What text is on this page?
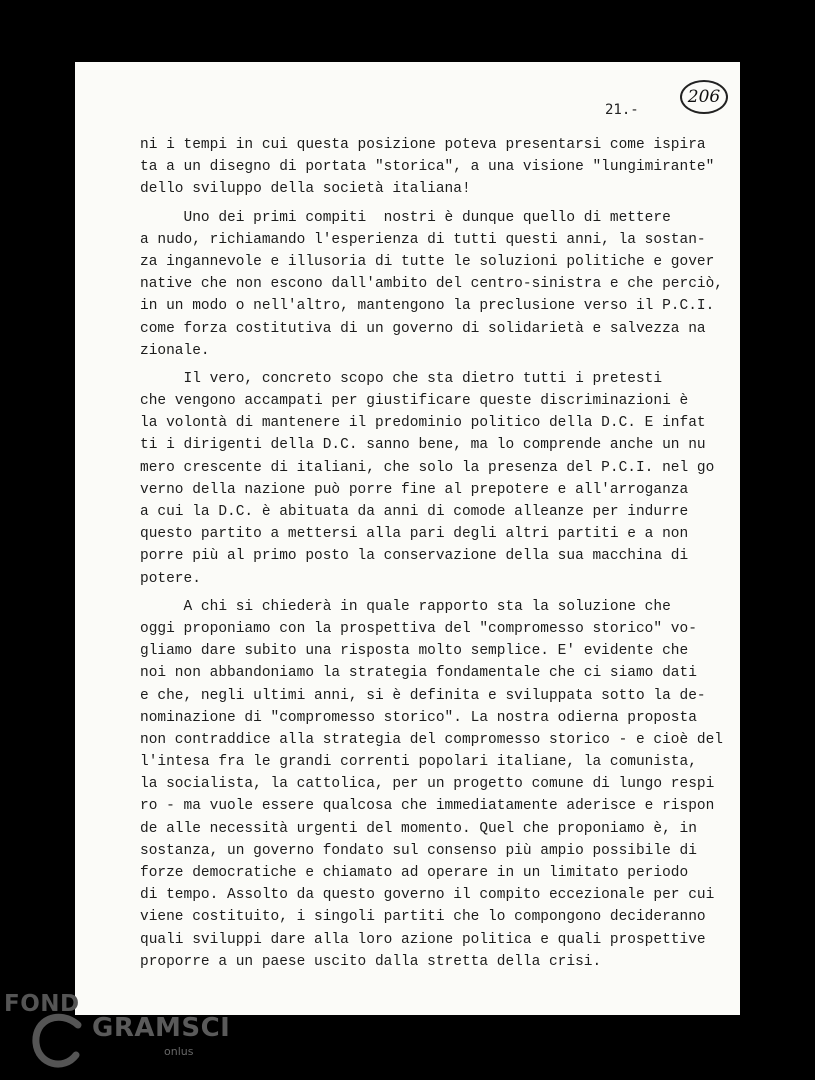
21.-
206
ni i tempi in cui questa posizione poteva presentarsi come ispira
ta a un disegno di portata "storica", a una visione "lungimirante"
dello sviluppo della società italiana!
Uno dei primi compiti  nostri è dunque quello di mettere
a nudo, richiamando l'esperienza di tutti questi anni, la sostan-
za ingannevole e illusoria di tutte le soluzioni politiche e gover
native che non escono dall'ambito del centro-sinistra e che perciò,
in un modo o nell'altro, mantengono la preclusione verso il P.C.I.
come forza costitutiva di un governo di solidarietà e salvezza na
zionale.
Il vero, concreto scopo che sta dietro tutti i pretesti
che vengono accampati per giustificare queste discriminazioni è
la volontà di mantenere il predominio politico della D.C. E infat
ti i dirigenti della D.C. sanno bene, ma lo comprende anche un nu
mero crescente di italiani, che solo la presenza del P.C.I. nel go
verno della nazione può porre fine al prepotere e all'arroganza
a cui la D.C. è abituata da anni di comode alleanze per indurre
questo partito a mettersi alla pari degli altri partiti e a non
porre più al primo posto la conservazione della sua macchina di
potere.
A chi si chiederà in quale rapporto sta la soluzione che
oggi proponiamo con la prospettiva del "compromesso storico" vo-
gliamo dare subito una risposta molto semplice. E' evidente che
noi non abbandoniamo la strategia fondamentale che ci siamo dati
e che, negli ultimi anni, si è definita e sviluppata sotto la de-
nominazione di "compromesso storico". La nostra odierna proposta
non contraddice alla strategia del compromesso storico - e cioè del
l'intesa fra le grandi correnti popolari italiane, la comunista,
la socialista, la cattolica, per un progetto comune di lungo respi
ro - ma vuole essere qualcosa che immediatamente aderisce e rispon
de alle necessità urgenti del momento. Quel che proponiamo è, in
sostanza, un governo fondato sul consenso più ampio possibile di
forze democratiche e chiamato ad operare in un limitato periodo
di tempo. Assolto da questo governo il compito eccezionale per cui
viene costituito, i singoli partiti che lo compongono decideranno
quali sviluppi dare alla loro azione politica e quali prospettive
proporre a un paese uscito dalla stretta della crisi.
FOND
GRAMSCI
onlus
